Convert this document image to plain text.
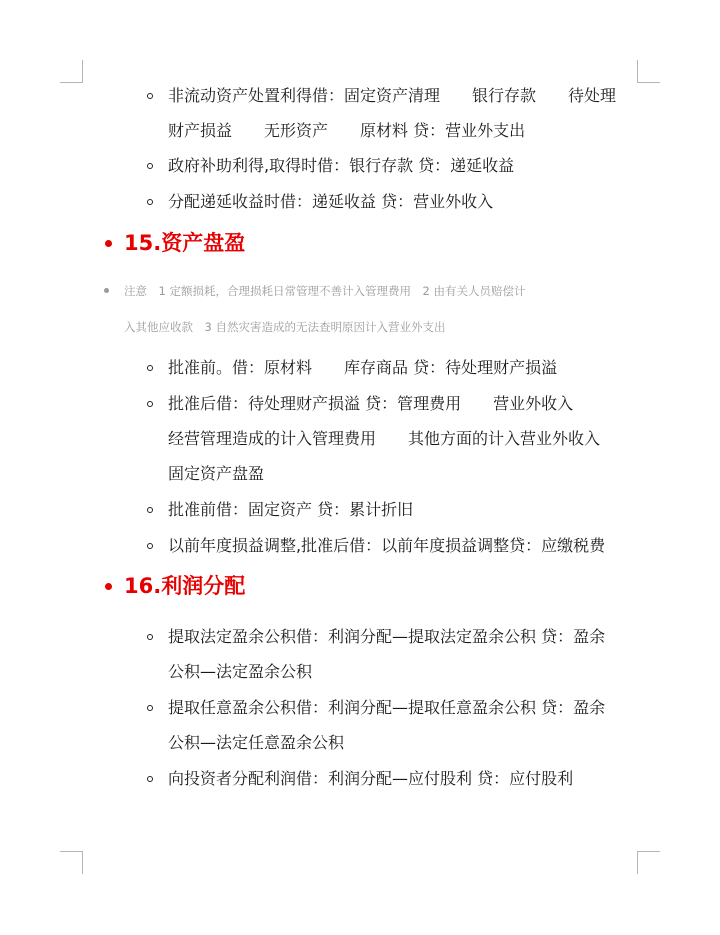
非流动资产处置利得借：固定资产清理　　银行存款　　待处理
财产损益　　无形资产　　原材料 贷：营业外支出
政府补助利得,取得时借：银行存款 贷：递延收益
分配递延收益时借：递延收益 贷：营业外收入
15.资产盘盈
注意　1 定额损耗，合理损耗日常管理不善计入管理费用　2 由有关人员赔偿计
入其他应收款　3 自然灾害造成的无法查明原因计入营业外支出
批准前。借：原材料　　库存商品 贷：待处理财产损溢
批准后借：待处理财产损溢 贷：管理费用　　营业外收入
经营管理造成的计入管理费用　　其他方面的计入营业外收入
固定资产盘盈
批准前借：固定资产 贷：累计折旧
以前年度损益调整,批准后借：以前年度损益调整贷：应缴税费
16.利润分配
提取法定盈余公积借：利润分配—提取法定盈余公积 贷：盈余
公积—法定盈余公积
提取任意盈余公积借：利润分配—提取任意盈余公积 贷：盈余
公积—法定任意盈余公积
向投资者分配利润借：利润分配—应付股利 贷：应付股利
